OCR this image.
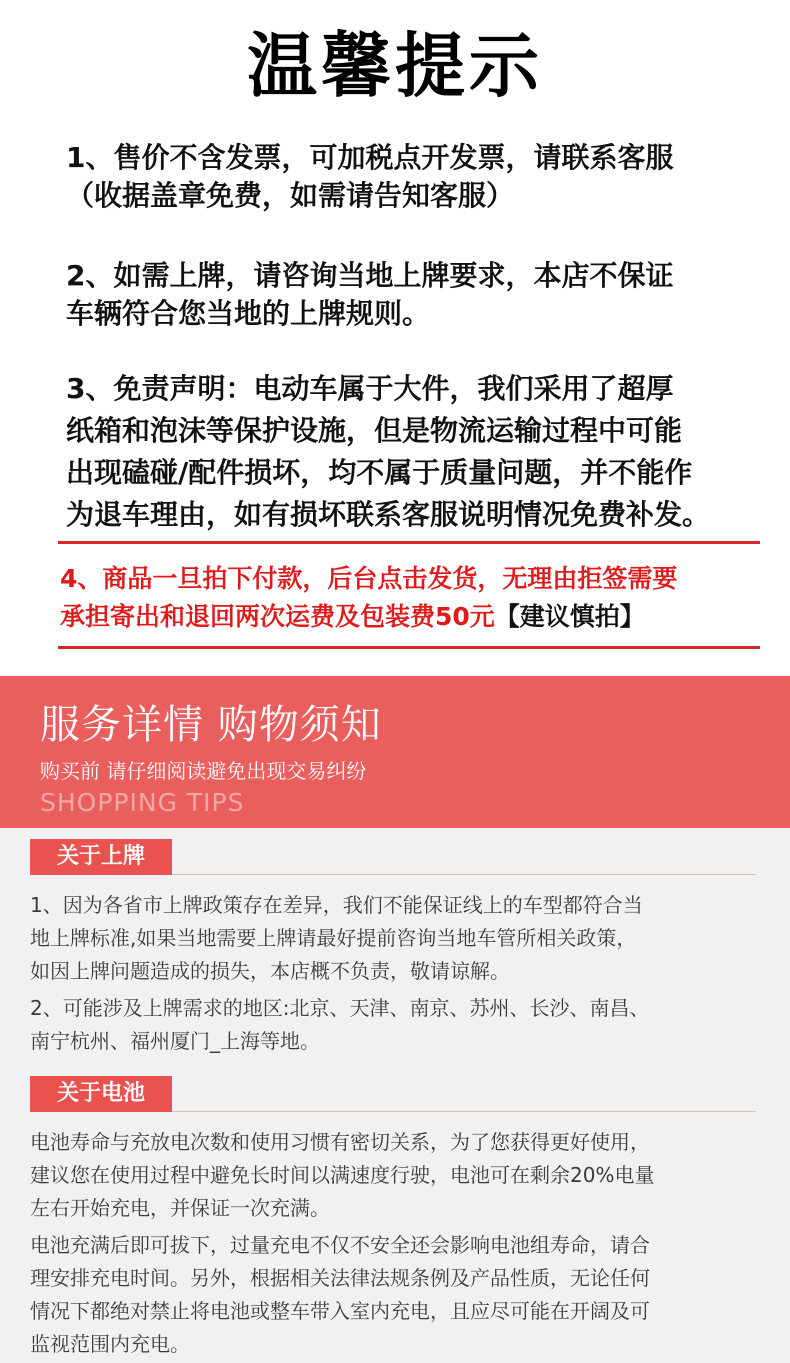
温馨提示
1、售价不含发票，可加税点开发票，请联系客服
（收据盖章免费，如需请告知客服）
2、如需上牌，请咨询当地上牌要求，本店不保证
车辆符合您当地的上牌规则。
3、免责声明：电动车属于大件，我们采用了超厚
纸箱和泡沫等保护设施，但是物流运输过程中可能
出现磕碰/配件损坏，均不属于质量问题，并不能作
为退车理由，如有损坏联系客服说明情况免费补发。
4、商品一旦拍下付款，后台点击发货，无理由拒签需要
承担寄出和退回两次运费及包装费50元【建议慎拍】
服务详情 购物须知
购买前 请仔细阅读避免出现交易纠纷
SHOPPING TIPS
关于上牌
1、因为各省市上牌政策存在差异，我们不能保证线上的车型都符合当
地上牌标准,如果当地需要上牌请最好提前咨询当地车管所相关政策，
如因上牌问题造成的损失，本店概不负责，敬请谅解。
2、可能涉及上牌需求的地区:北京、天津、南京、苏州、长沙、南昌、
南宁杭州、福州厦门_上海等地。
关于电池
电池寿命与充放电次数和使用习惯有密切关系，为了您获得更好使用，
建议您在使用过程中避免长时间以满速度行驶，电池可在剩余20%电量
左右开始充电，并保证一次充满。
电池充满后即可拔下，过量充电不仅不安全还会影响电池组寿命，请合
理安排充电时间。另外，根据相关法律法规条例及产品性质，无论任何
情况下都绝对禁止将电池或整车带入室内充电，且应尽可能在开阔及可
监视范围内充电。
